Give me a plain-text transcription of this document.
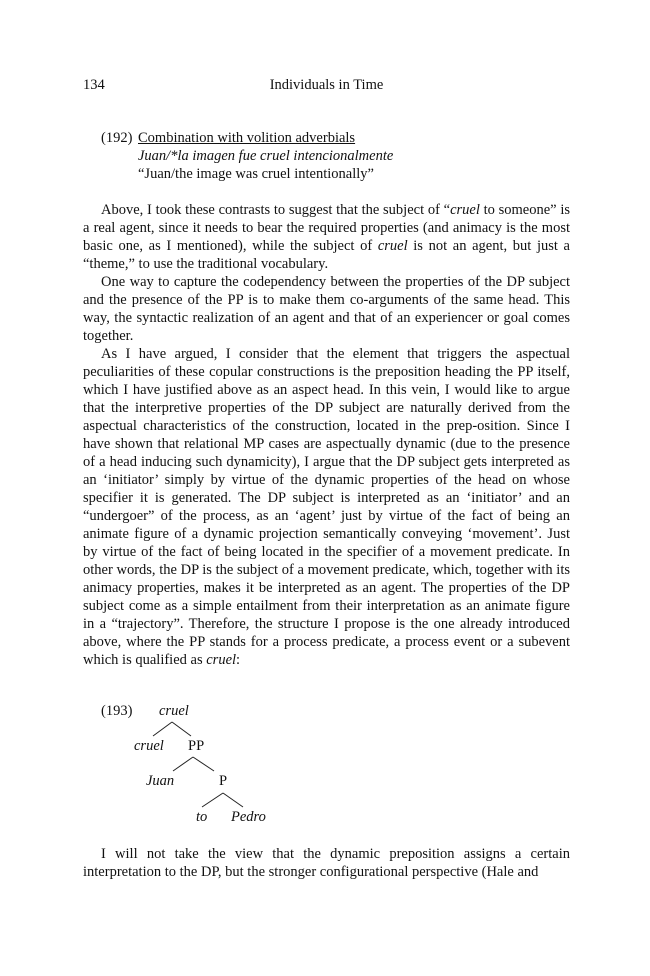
134	Individuals in Time
(192) Combination with volition adverbials
Juan/*la imagen fue cruel intencionalmente
“Juan/the image was cruel intentionally”

Above, I took these contrasts to suggest that the subject of “cruel to someone” is a real agent, since it needs to bear the required properties (and animacy is the most basic one, as I mentioned), while the subject of cruel is not an agent, but just a “theme,” to use the traditional vocabulary.

One way to capture the codependency between the properties of the DP subject and the presence of the PP is to make them co-arguments of the same head. This way, the syntactic realization of an agent and that of an experiencer or goal comes together.

As I have argued, I consider that the element that triggers the aspectual peculiarities of these copular constructions is the preposition heading the PP itself, which I have justified above as an aspect head. In this vein, I would like to argue that the interpretive properties of the DP subject are naturally derived from the aspectual characteristics of the construction, located in the prep-osition. Since I have shown that relational MP cases are aspectually dynamic (due to the presence of a head inducing such dynamicity), I argue that the DP subject gets interpreted as an ‘initiator’ simply by virtue of the dynamic properties of the head on whose specifier it is generated. The DP subject is interpreted as an ‘initiator’ and an “undergoer” of the process, as an ‘agent’ just by virtue of the fact of being an animate figure of a dynamic projection semantically conveying ‘movement’. Just by virtue of the fact of being located in the specifier of a movement predicate. In other words, the DP is the subject of a movement predicate, which, together with its animacy properties, makes it be interpreted as an agent. The properties of the DP subject come as a simple entailment from their interpretation as an animate figure in a “trajectory”. Therefore, the structure I propose is the one already introduced above, where the PP stands for a process predicate, a process event or a subevent which is qualified as cruel:

(193) cruel
cruel PP
Juan	P
to Pedro

I will not take the view that the dynamic preposition assigns a certain interpretation to the DP, but the stronger configurational perspective (Hale and
